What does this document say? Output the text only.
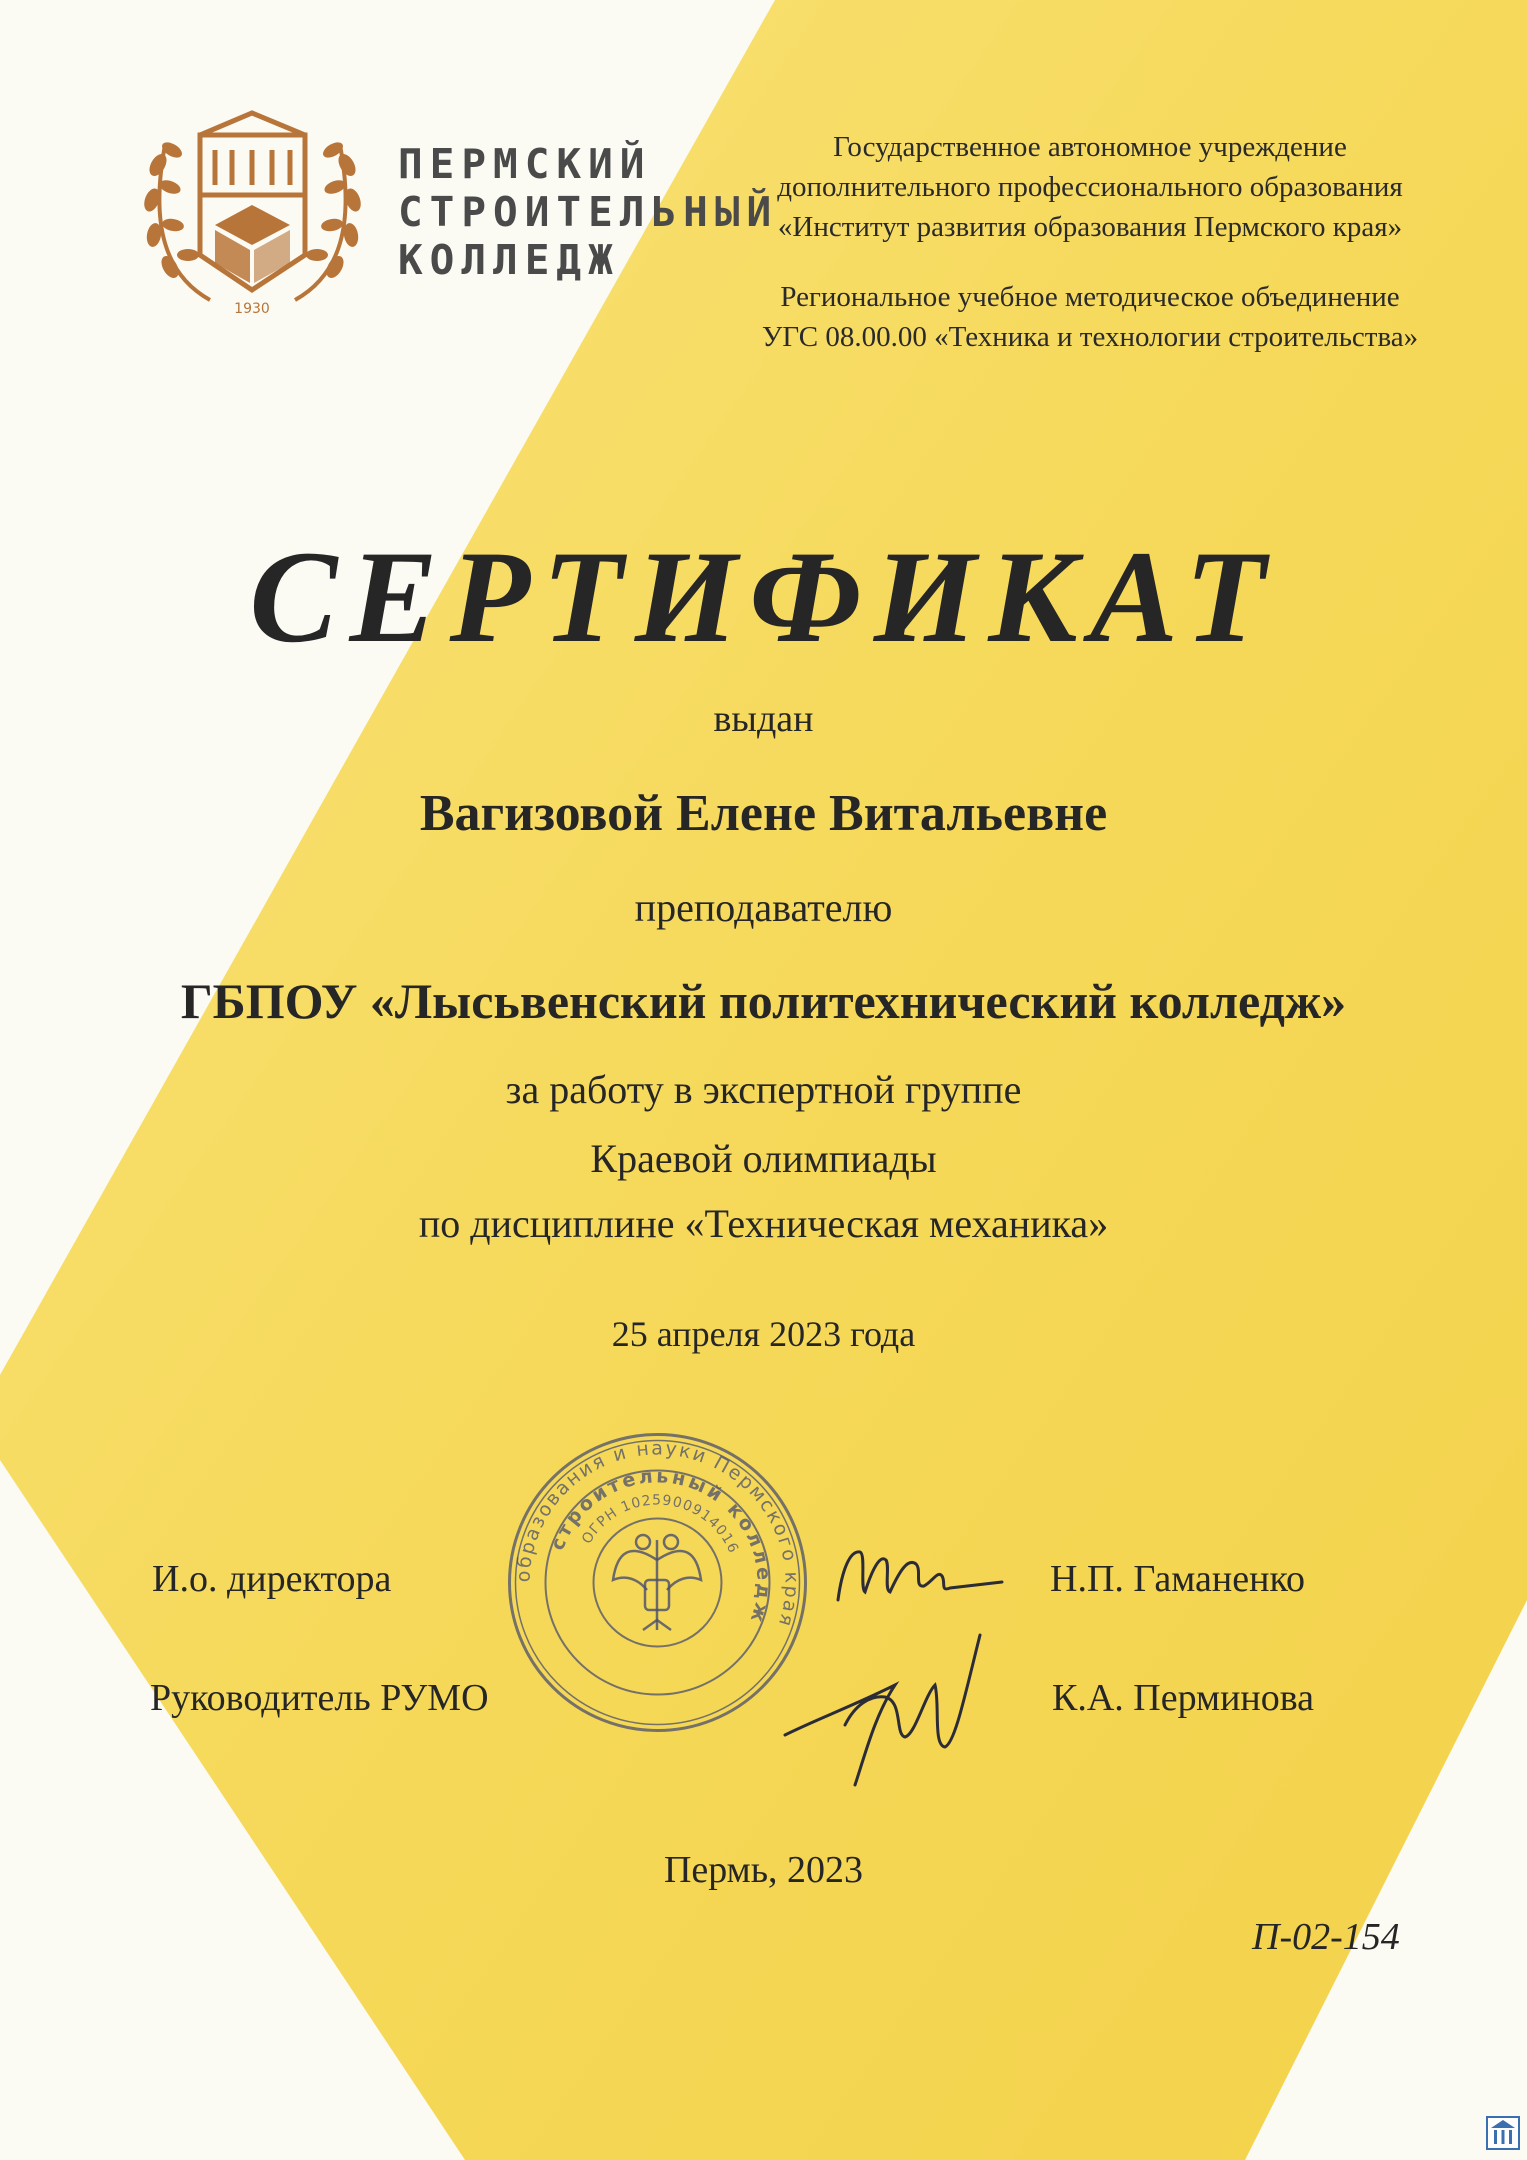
1930
ПЕРМСКИЙ
СТРОИТЕЛЬНЫЙ
КОЛЛЕДЖ
Государственное автономное учреждение
дополнительного профессионального образования
«Институт развития образования Пермского края»
Региональное учебное методическое объединение
УГС 08.00.00 «Техника и технологии строительства»
СЕРТИФИКАТ
выдан
Вагизовой Елене Витальевне
преподавателю
ГБПОУ «Лысьвенский политехнический колледж»
за работу в экспертной группе
Краевой олимпиады
по дисциплине «Техническая механика»
25 апреля 2023 года
образования и науки Пермского края
строительный колледж
ОГРН 1025900914016
И.о. директора	Н.П. Гаманенко
Руководитель РУМО	К.А. Перминова
Пермь, 2023
П-02-154
